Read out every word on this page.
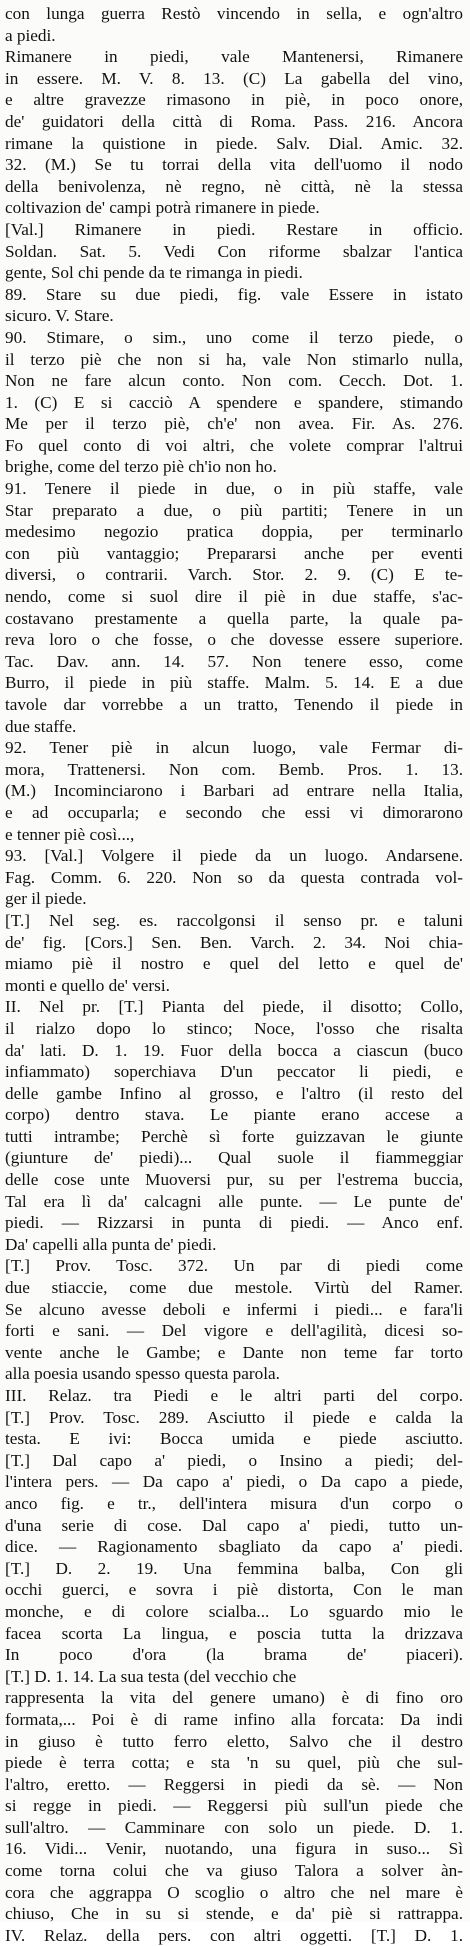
con lunga guerra Restò vincendo in sella, e ogn'altro
a piedi.
Rimanere in piedi, vale Mantenersi, Rimanere
in essere. M. V. 8. 13. (C) La gabella del vino,
e altre gravezze rimasono in piè, in poco onore,
de' guidatori della città di Roma. Pass. 216. Ancora
rimane la quistione in piede. Salv. Dial. Amic. 32.
32. (M.) Se tu torrai della vita dell'uomo il nodo
della benivolenza, nè regno, nè città, nè la stessa
coltivazion de' campi potrà rimanere in piede.
[Val.] Rimanere in piedi. Restare in officio.
Soldan. Sat. 5. Vedi Con riforme sbalzar l'antica
gente, Sol chi pende da te rimanga in piedi.
89. Stare su due piedi, fig. vale Essere in istato
sicuro. V. Stare.
90. Stimare, o sim., uno come il terzo piede, o
il terzo piè che non si ha, vale Non stimarlo nulla,
Non ne fare alcun conto. Non com. Cecch. Dot. 1.
1. (C) E si cacciò A spendere e spandere, stimando
Me per il terzo piè, ch'e' non avea. Fir. As. 276.
Fo quel conto di voi altri, che volete comprar l'altrui
brighe, come del terzo piè ch'io non ho.
91. Tenere il piede in due, o in più staffe, vale
Star preparato a due, o più partiti; Tenere in un
medesimo negozio pratica doppia, per terminarlo
con più vantaggio; Prepararsi anche per eventi
diversi, o contrarii. Varch. Stor. 2. 9. (C) E te-
nendo, come si suol dire il piè in due staffe, s'ac-
costavano prestamente a quella parte, la quale pa-
reva loro o che fosse, o che dovesse essere superiore.
Tac. Dav. ann. 14. 57. Non tenere esso, come
Burro, il piede in più staffe. Malm. 5. 14. E a due
tavole dar vorrebbe a un tratto, Tenendo il piede in
due staffe.
92. Tener piè in alcun luogo, vale Fermar di-
mora, Trattenersi. Non com. Bemb. Pros. 1. 13.
(M.) Incominciarono i Barbari ad entrare nella Italia,
e ad occuparla; e secondo che essi vi dimorarono
e tenner piè così...,
93. [Val.] Volgere il piede da un luogo. Andarsene.
Fag. Comm. 6. 220. Non so da questa contrada vol-
ger il piede.
[T.] Nel seg. es. raccolgonsi il senso pr. e taluni
de' fig. [Cors.] Sen. Ben. Varch. 2. 34. Noi chia-
miamo piè il nostro e quel del letto e quel de'
monti e quello de' versi.
II. Nel pr. [T.] Pianta del piede, il disotto; Collo,
il rialzo dopo lo stinco; Noce, l'osso che risalta
da' lati. D. 1. 19. Fuor della bocca a ciascun (buco
infiammato) soperchiava D'un peccator li piedi, e
delle gambe Infino al grosso, e l'altro (il resto del
corpo) dentro stava. Le piante erano accese a
tutti intrambe; Perchè sì forte guizzavan le giunte
(giunture de' piedi)... Qual suole il fiammeggiar
delle cose unte Muoversi pur, su per l'estrema buccia,
Tal era lì da' calcagni alle punte. — Le punte de'
piedi. — Rizzarsi in punta di piedi. — Anco enf.
Da' capelli alla punta de' piedi.
[T.] Prov. Tosc. 372. Un par di piedi come
due stiaccie, come due mestole. Virtù del Ramer.
Se alcuno avesse deboli e infermi i piedi... e fara'li
forti e sani. — Del vigore e dell'agilità, dicesi so-
vente anche le Gambe; e Dante non teme far torto
alla poesia usando spesso questa parola.
III. Relaz. tra Piedi e le altri parti del corpo.
[T.] Prov. Tosc. 289. Asciutto il piede e calda la
testa. E ivi: Bocca umida e piede asciutto.
[T.] Dal capo a' piedi, o Insino a piedi; del-
l'intera pers. — Da capo a' piedi, o Da capo a piede,
anco fig. e tr., dell'intera misura d'un corpo o
d'una serie di cose. Dal capo a' piedi, tutto un-
dice. — Ragionamento sbagliato da capo a' piedi.
[T.] D. 2. 19. Una femmina balba, Con gli
occhi guerci, e sovra i piè distorta, Con le man
monche, e di colore scialba... Lo sguardo mio le
facea scorta La lingua, e poscia tutta la drizzava
In poco d'ora (la brama de' piaceri).
[T.] D. 1. 14. La sua testa (del vecchio che
rappresenta la vita del genere umano) è di fino oro
formata,... Poi è di rame infino alla forcata: Da indi
in giuso è tutto ferro eletto, Salvo che il destro
piede è terra cotta; e sta 'n su quel, più che sul-
l'altro, eretto. — Reggersi in piedi da sè. — Non
si regge in piedi. — Reggersi più sull'un piede che
sull'altro. — Camminare con solo un piede. D. 1.
16. Vidi... Venir, nuotando, una figura in suso... Sì
come torna colui che va giuso Talora a solver àn-
cora che aggrappa O scoglio o altro che nel mare è
chiuso, Che in su si stende, e da' piè si rattrappa.
IV. Relaz. della pers. con altri oggetti. [T.] D. 1.
